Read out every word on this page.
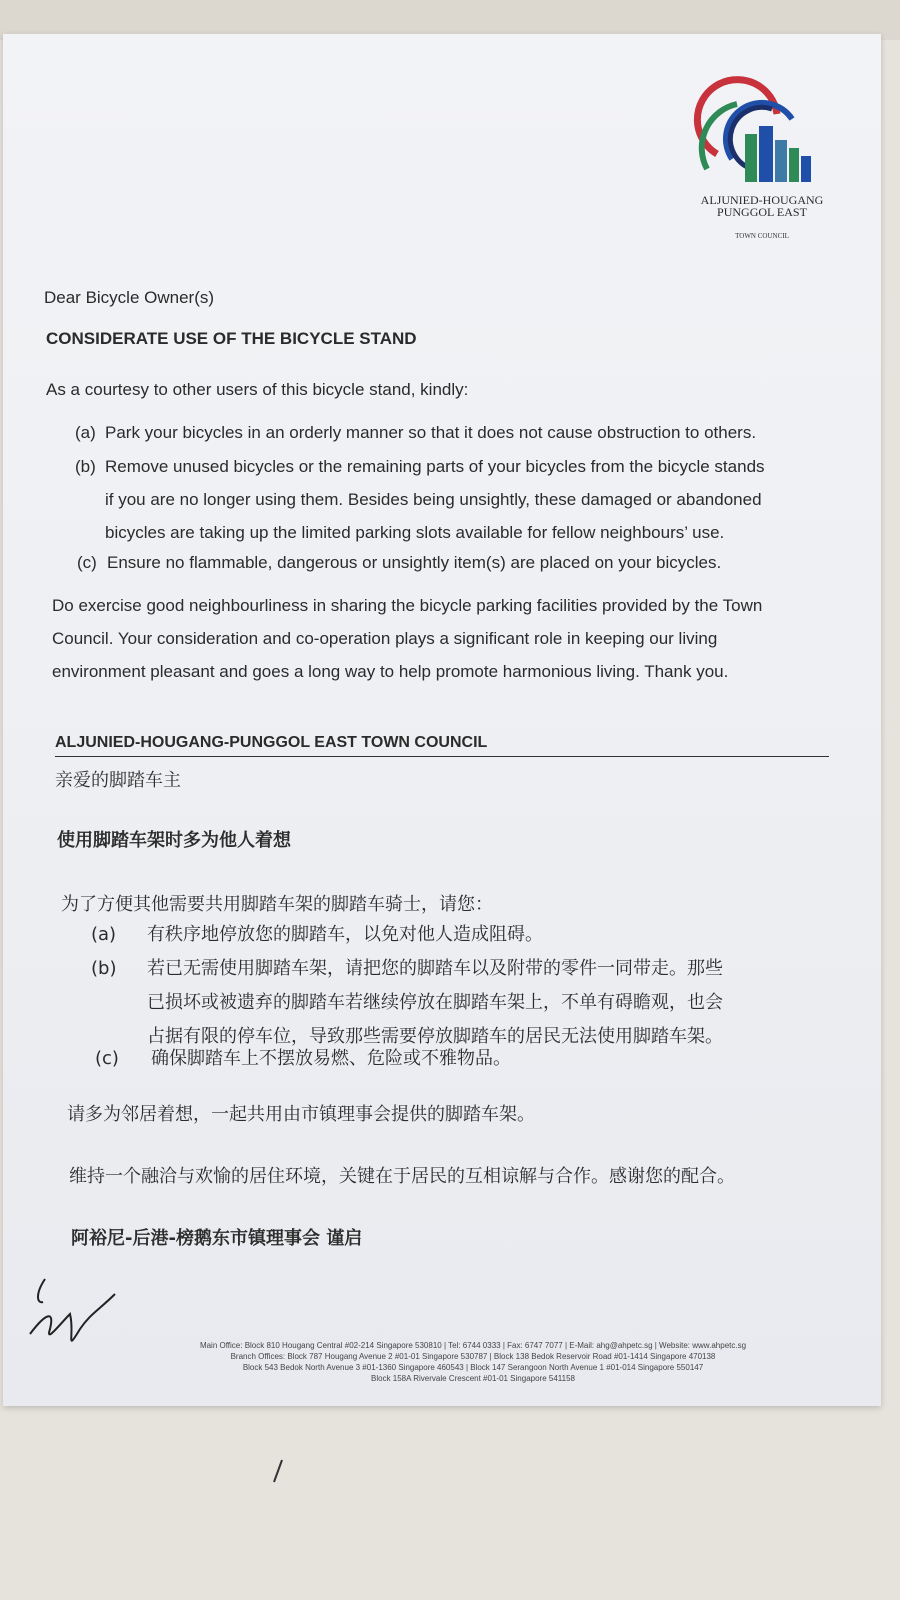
ALJUNIED-HOUGANG
PUNGGOL EAST
TOWN COUNCIL
Dear Bicycle Owner(s)
CONSIDERATE USE OF THE BICYCLE STAND
As a courtesy to other users of this bicycle stand, kindly:
(a) Park your bicycles in an orderly manner so that it does not cause obstruction to others.
(b) Remove unused bicycles or the remaining parts of your bicycles from the bicycle stands
if you are no longer using them. Besides being unsightly, these damaged or abandoned
bicycles are taking up the limited parking slots available for fellow neighbours’ use.
(c) Ensure no flammable, dangerous or unsightly item(s) are placed on your bicycles.
Do exercise good neighbourliness in sharing the bicycle parking facilities provided by the Town
Council. Your consideration and co-operation plays a significant role in keeping our living
environment pleasant and goes a long way to help promote harmonious living. Thank you.
ALJUNIED-HOUGANG-PUNGGOL EAST TOWN COUNCIL
亲爱的脚踏车主
使用脚踏车架时多为他人着想
为了方便其他需要共用脚踏车架的脚踏车骑士，请您：
(a) 有秩序地停放您的脚踏车，以免对他人造成阻碍。
(b) 若已无需使用脚踏车架，请把您的脚踏车以及附带的零件一同带走。那些
已损坏或被遗弃的脚踏车若继续停放在脚踏车架上，不单有碍瞻观，也会
占据有限的停车位，导致那些需要停放脚踏车的居民无法使用脚踏车架。
(c) 确保脚踏车上不摆放易燃、危险或不雅物品。
请多为邻居着想，一起共用由市镇理事会提供的脚踏车架。
维持一个融洽与欢愉的居住环境，关键在于居民的互相谅解与合作。感谢您的配合。
阿裕尼-后港-榜鹅东市镇理事会 谨启
Main Office: Block 810 Hougang Central #02-214 Singapore 530810 | Tel: 6744 0333 | Fax: 6747 7077 | E-Mail: ahg@ahpetc.sg | Website: www.ahpetc.sg
Branch Offices: Block 787 Hougang Avenue 2 #01-01 Singapore 530787 | Block 138 Bedok Reservoir Road #01-1414 Singapore 470138
Block 543 Bedok North Avenue 3 #01-1360 Singapore 460543 | Block 147 Serangoon North Avenue 1 #01-014 Singapore 550147
Block 158A Rivervale Crescent #01-01 Singapore 541158
